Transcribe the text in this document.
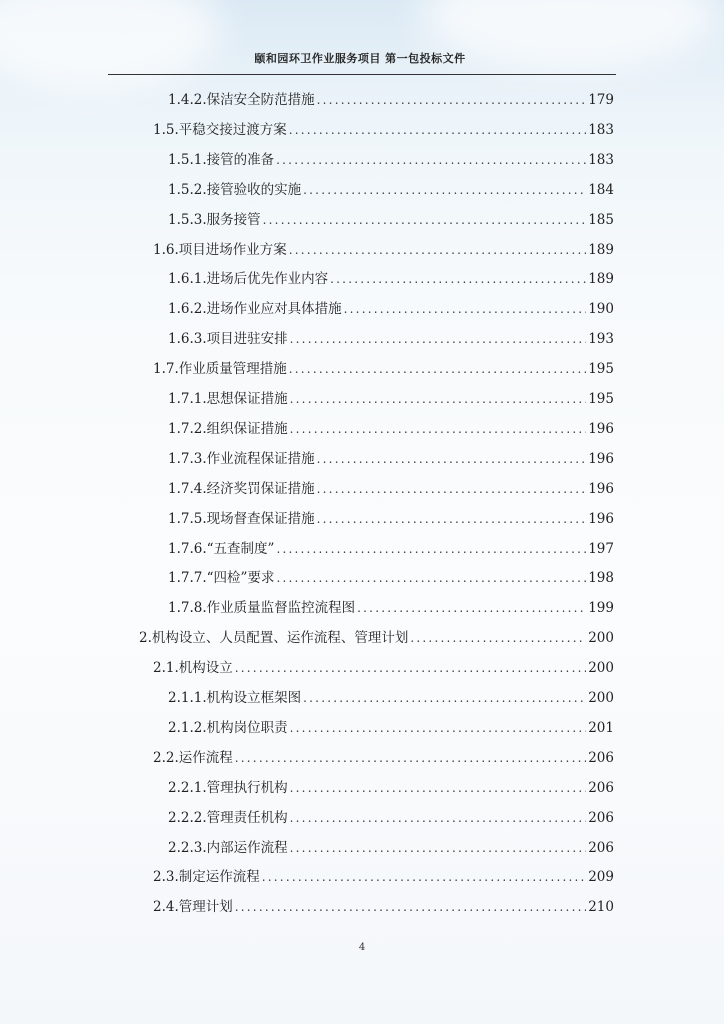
颐和园环卫作业服务项目 第一包投标文件
1.4.2.保洁安全防范措施 .....	179
1.5.平稳交接过渡方案 .....	183
1.5.1.接管的准备 .....	183
1.5.2.接管验收的实施 .....	184
1.5.3.服务接管 .....	185
1.6.项目进场作业方案 .....	189
1.6.1.进场后优先作业内容 .....	189
1.6.2.进场作业应对具体措施 .....	190
1.6.3.项目进驻安排 .....	193
1.7.作业质量管理措施 .....	195
1.7.1.思想保证措施 .....	195
1.7.2.组织保证措施 .....	196
1.7.3.作业流程保证措施 .....	196
1.7.4.经济奖罚保证措施 .....	196
1.7.5.现场督查保证措施 .....	196
1.7.6.“五查制度” .....	197
1.7.7.“四检”要求 .....	198
1.7.8.作业质量监督监控流程图 .....	199
2.机构设立、人员配置、运作流程、管理计划 .....	200
2.1.机构设立 .....	200
2.1.1.机构设立框架图 .....	200
2.1.2.机构岗位职责 .....	201
2.2.运作流程 .....	206
2.2.1.管理执行机构 .....	206
2.2.2.管理责任机构 .....	206
2.2.3.内部运作流程 .....	206
2.3.制定运作流程 .....	209
2.4.管理计划 .....	210
4
